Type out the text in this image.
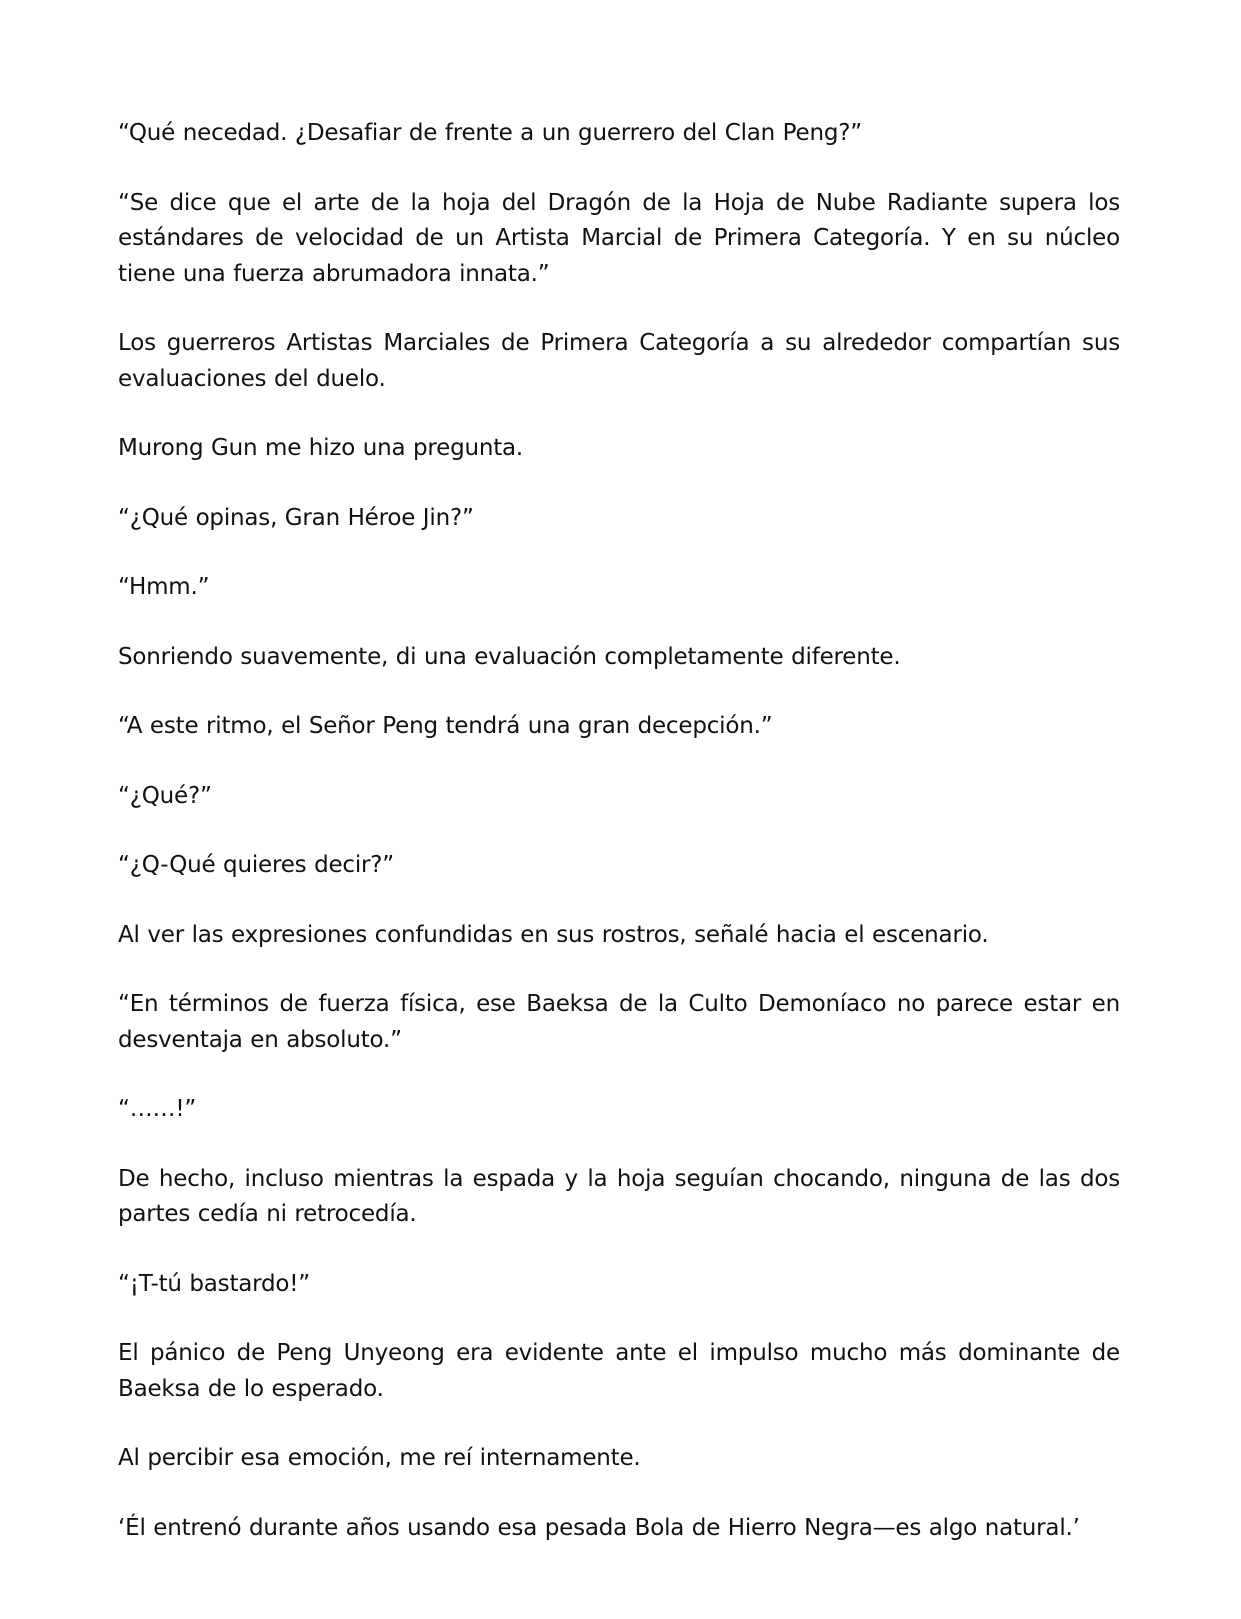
“Qué necedad. ¿Desafiar de frente a un guerrero del Clan Peng?”

“Se dice que el arte de la hoja del Dragón de la Hoja de Nube Radiante supera los estándares de velocidad de un Artista Marcial de Primera Categoría. Y en su núcleo tiene una fuerza abrumadora innata.”

Los guerreros Artistas Marciales de Primera Categoría a su alrededor compartían sus evaluaciones del duelo.

Murong Gun me hizo una pregunta.

“¿Qué opinas, Gran Héroe Jin?”

“Hmm.”

Sonriendo suavemente, di una evaluación completamente diferente.

“A este ritmo, el Señor Peng tendrá una gran decepción.”

“¿Qué?”

“¿Q-Qué quieres decir?”

Al ver las expresiones confundidas en sus rostros, señalé hacia el escenario.

“En términos de fuerza física, ese Baeksa de la Culto Demoníaco no parece estar en desventaja en absoluto.”

“……!”

De hecho, incluso mientras la espada y la hoja seguían chocando, ninguna de las dos partes cedía ni retrocedía.

“¡T-tú bastardo!”

El pánico de Peng Unyeong era evidente ante el impulso mucho más dominante de Baeksa de lo esperado.

Al percibir esa emoción, me reí internamente.

‘Él entrenó durante años usando esa pesada Bola de Hierro Negra—es algo natural.’
